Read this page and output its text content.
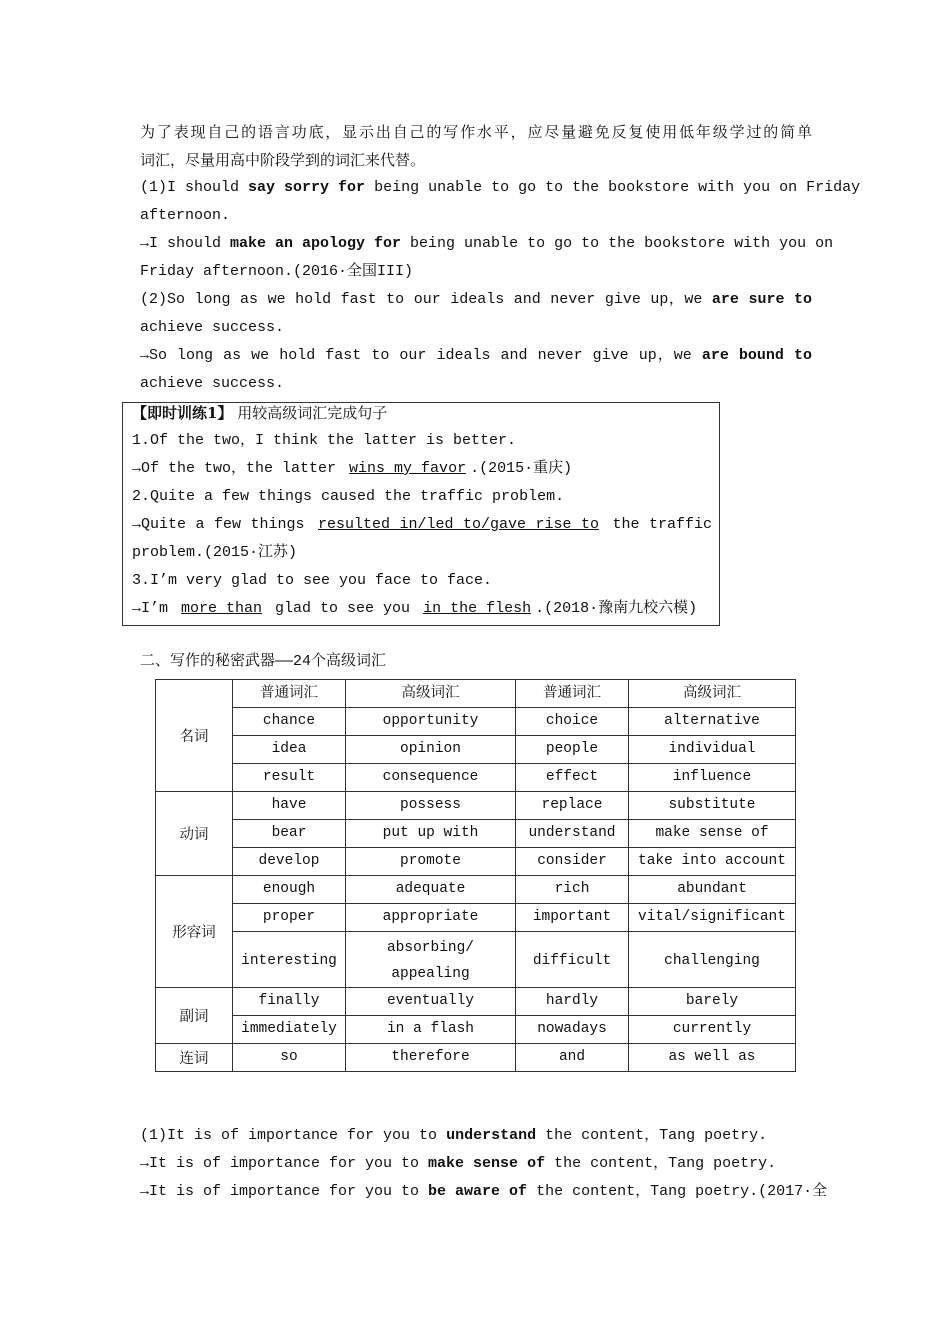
为了表现自己的语言功底，显示出自己的写作水平，应尽量避免反复使用低年级学过的简单
词汇，尽量用高中阶段学到的词汇来代替。
(1)I should say sorry for being unable to go to the bookstore with you on Friday
afternoon.
→I should make an apology for being unable to go to the bookstore with you on
Friday afternoon.(2016·全国III)
(2)So long as we hold fast to our ideals and never give up，we are sure to
achieve success.
→So long as we hold fast to our ideals and never give up，we are bound to
achieve success.
【即时训练1】 用较高级词汇完成句子
1.Of the two，I think the latter is better.
→Of the two，the latter wins my favor .(2015·重庆)
2.Quite a few things caused the traffic problem.
→Quite a few things resulted in/led to/gave rise to the traffic
problem.(2015·江苏)
3.I’m very glad to see you face to face.
→I’m more than glad to see you in the flesh .(2018·豫南九校六模)
二、写作的秘密武器——24个高级词汇
名词	普通词汇	高级词汇	普通词汇	高级词汇
	chance	opportunity	choice	alternative
	idea	opinion	people	individual
	result	consequence	effect	influence
动词	have	possess	replace	substitute
	bear	put up with	understand	make sense of
	develop	promote	consider	take into account
形容词	enough	adequate	rich	abundant
	proper	appropriate	important	vital/significant
	interesting	absorbing/ appealing	difficult	challenging
副词	finally	eventually	hardly	barely
	immediately	in a flash	nowadays	currently
连词	so	therefore	and	as well as
(1)It is of importance for you to understand the content，Tang poetry.
→It is of importance for you to make sense of the content，Tang poetry.
→It is of importance for you to be aware of the content，Tang poetry.(2017·全
